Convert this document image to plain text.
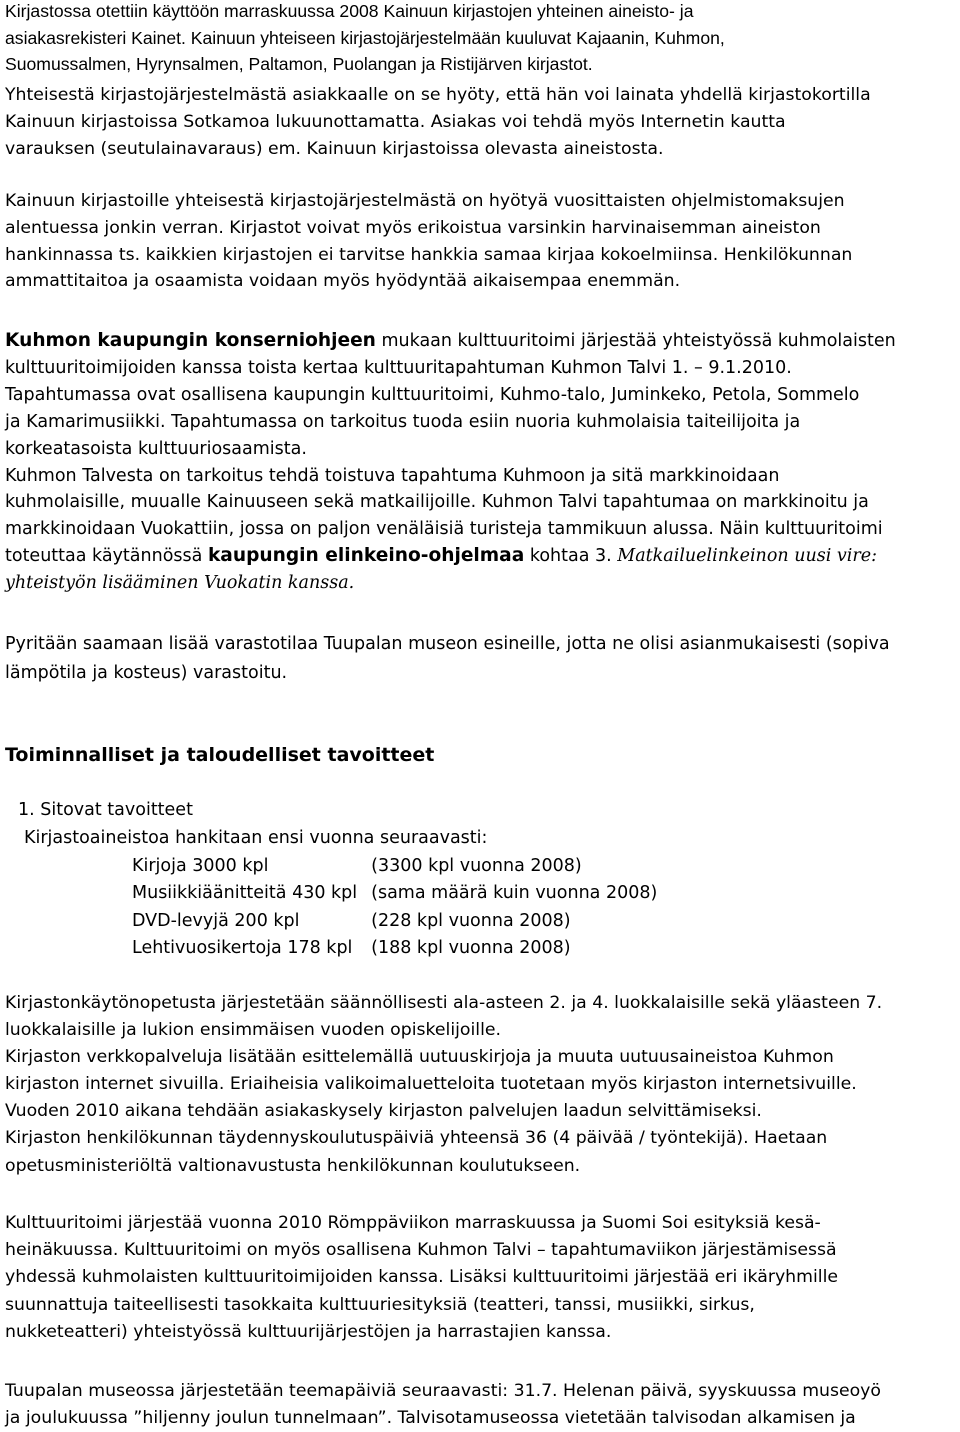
Kirjastossa otettiin käyttöön marraskuussa 2008 Kainuun kirjastojen yhteinen aineisto- ja
asiakasrekisteri Kainet. Kainuun yhteiseen kirjastojärjestelmään kuuluvat Kajaanin, Kuhmon,
Suomussalmen, Hyrynsalmen, Paltamon, Puolangan ja Ristijärven kirjastot.

Yhteisestä kirjastojärjestelmästä asiakkaalle on se hyöty, että hän voi lainata yhdellä kirjastokortilla
Kainuun kirjastoissa Sotkamoa lukuunottamatta. Asiakas voi tehdä myös Internetin kautta
varauksen (seutulainavaraus) em. Kainuun kirjastoissa olevasta aineistosta.

Kainuun kirjastoille yhteisestä kirjastojärjestelmästä on hyötyä vuosittaisten ohjelmistomaksujen
alentuessa jonkin verran. Kirjastot voivat myös erikoistua varsinkin harvinaisemman aineiston
hankinnassa ts. kaikkien kirjastojen ei tarvitse hankkia samaa kirjaa kokoelmiinsa. Henkilökunnan
ammattitaitoa ja osaamista voidaan myös hyödyntää aikaisempaa enemmän.

Kuhmon kaupungin konserniohjeen mukaan kulttuuritoimi järjestää yhteistyössä kuhmolaisten
kulttuuritoimijoiden kanssa toista kertaa kulttuuritapahtuman Kuhmon Talvi 1. – 9.1.2010.
Tapahtumassa ovat osallisena kaupungin kulttuuritoimi, Kuhmo-talo, Juminkeko, Petola, Sommelo
ja Kamarimusiikki. Tapahtumassa on tarkoitus tuoda esiin nuoria kuhmolaisia taiteilijoita ja
korkeatasoista kulttuuriosaamista.
Kuhmon Talvesta on tarkoitus tehdä toistuva tapahtuma Kuhmoon ja sitä markkinoidaan
kuhmolaisille, muualle Kainuuseen sekä matkailijoille. Kuhmon Talvi tapahtumaa on markkinoitu ja
markkinoidaan Vuokattiin, jossa on paljon venäläisiä turisteja tammikuun alussa. Näin kulttuuritoimi
toteuttaa käytännössä kaupungin elinkeino-ohjelmaa kohtaa 3. Matkailuelinkeinon uusi vire:
yhteistyön lisääminen Vuokatin kanssa.

Pyritään saamaan lisää varastotilaa Tuupalan museon esineille, jotta ne olisi asianmukaisesti (sopiva
lämpötila ja kosteus) varastoitu.

Toiminnalliset ja taloudelliset tavoitteet
1. Sitovat tavoitteet
Kirjastoaineistoa hankitaan ensi vuonna seuraavasti:
Kirjoja 3000 kpl	(3300 kpl vuonna 2008)
Musiikkiäänitteitä 430 kpl	(sama määrä kuin vuonna 2008)
DVD-levyjä 200 kpl	(228 kpl vuonna 2008)
Lehtivuosikertoja 178 kpl	(188 kpl vuonna 2008)

Kirjastonkäytönopetusta järjestetään säännöllisesti ala-asteen 2. ja 4. luokkalaisille sekä yläasteen 7.
luokkalaisille ja lukion ensimmäisen vuoden opiskelijoille.
Kirjaston verkkopalveluja lisätään esittelemällä uutuuskirjoja ja muuta uutuusaineistoa Kuhmon
kirjaston internet sivuilla. Eriaiheisia valikoimaluetteloita tuotetaan myös kirjaston internetsivuille.
Vuoden 2010 aikana tehdään asiakaskysely kirjaston palvelujen laadun selvittämiseksi.
Kirjaston henkilökunnan täydennyskoulutuspäiviä yhteensä 36 (4 päivää / työntekijä). Haetaan
opetusministeriöltä valtionavustusta henkilökunnan koulutukseen.

Kulttuuritoimi järjestää vuonna 2010 Römppäviikon marraskuussa ja Suomi Soi esityksiä kesä-
heinäkuussa. Kulttuuritoimi on myös osallisena Kuhmon Talvi – tapahtumaviikon järjestämisessä
yhdessä kuhmolaisten kulttuuritoimijoiden kanssa. Lisäksi kulttuuritoimi järjestää eri ikäryhmille
suunnattuja taiteellisesti tasokkaita kulttuuriesityksiä (teatteri, tanssi, musiikki, sirkus,
nukketeatteri) yhteistyössä kulttuurijärjestöjen ja harrastajien kanssa.

Tuupalan museossa järjestetään teemapäiviä seuraavasti: 31.7. Helenan päivä, syyskuussa museoyö
ja joulukuussa ”hiljenny joulun tunnelmaan”. Talvisotamuseossa vietetään talvisodan alkamisen ja
